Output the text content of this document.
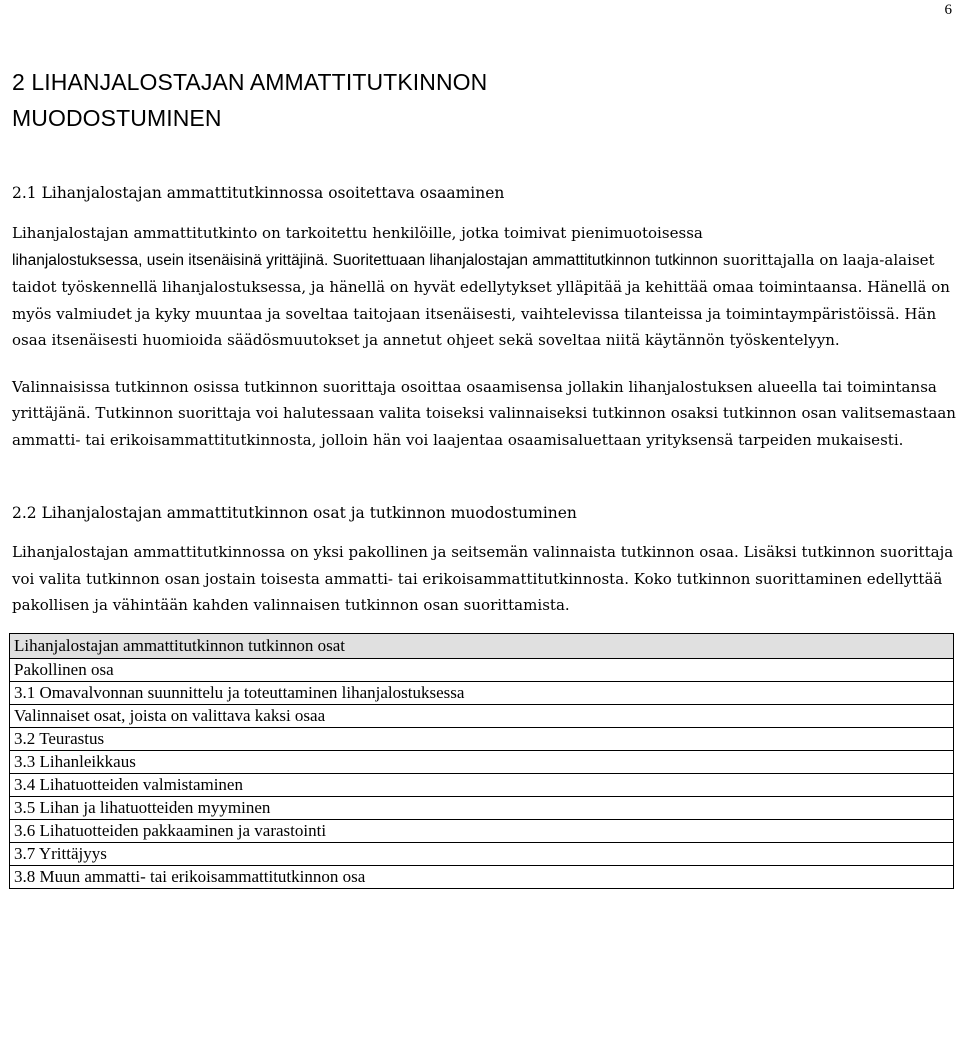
6
2 LIHANJALOSTAJAN AMMATTITUTKINNON
MUODOSTUMINEN
2.1 Lihanjalostajan ammattitutkinnossa osoitettava osaaminen

Lihanjalostajan ammattitutkinto on tarkoitettu henkilöille, jotka toimivat pienimuotoisessa
lihanjalostuksessa, usein itsenäisinä yrittäjinä. Suoritettuaan lihanjalostajan ammattitutkinnon tutkinnon suorittajalla on laaja-alaiset taidot työskennellä lihanjalostuksessa, ja hänellä on hyvät edellytykset ylläpitää ja kehittää omaa toimintaansa. Hänellä on myös valmiudet ja kyky muuntaa ja soveltaa taitojaan itsenäisesti, vaihtelevissa tilanteissa ja toimintaympäristöissä. Hän osaa itsenäisesti huomioida säädösmuutokset ja annetut ohjeet sekä soveltaa niitä käytännön työskentelyyn.

Valinnaisissa tutkinnon osissa tutkinnon suorittaja osoittaa osaamisensa jollakin lihanjalostuksen alueella tai toimintansa yrittäjänä. Tutkinnon suorittaja voi halutessaan valita toiseksi valinnaiseksi tutkinnon osaksi tutkinnon osan valitsemastaan ammatti- tai erikoisammattitutkinnosta, jolloin hän voi laajentaa osaamisaluettaan yrityksensä tarpeiden mukaisesti.

2.2 Lihanjalostajan ammattitutkinnon osat ja tutkinnon muodostuminen

Lihanjalostajan ammattitutkinnossa on yksi pakollinen ja seitsemän valinnaista tutkinnon osaa. Lisäksi tutkinnon suorittaja voi valita tutkinnon osan jostain toisesta ammatti- tai erikoisammattitutkinnosta. Koko tutkinnon suorittaminen edellyttää pakollisen ja vähintään kahden valinnaisen tutkinnon osan suorittamista.

Lihanjalostajan ammattitutkinnon tutkinnon osat
Pakollinen osa
3.1 Omavalvonnan suunnittelu ja toteuttaminen lihanjalostuksessa
Valinnaiset osat, joista on valittava kaksi osaa
3.2 Teurastus
3.3 Lihanleikkaus
3.4 Lihatuotteiden valmistaminen
3.5 Lihan ja lihatuotteiden myyminen
3.6 Lihatuotteiden pakkaaminen ja varastointi
3.7 Yrittäjyys
3.8 Muun ammatti- tai erikoisammattitutkinnon osa
